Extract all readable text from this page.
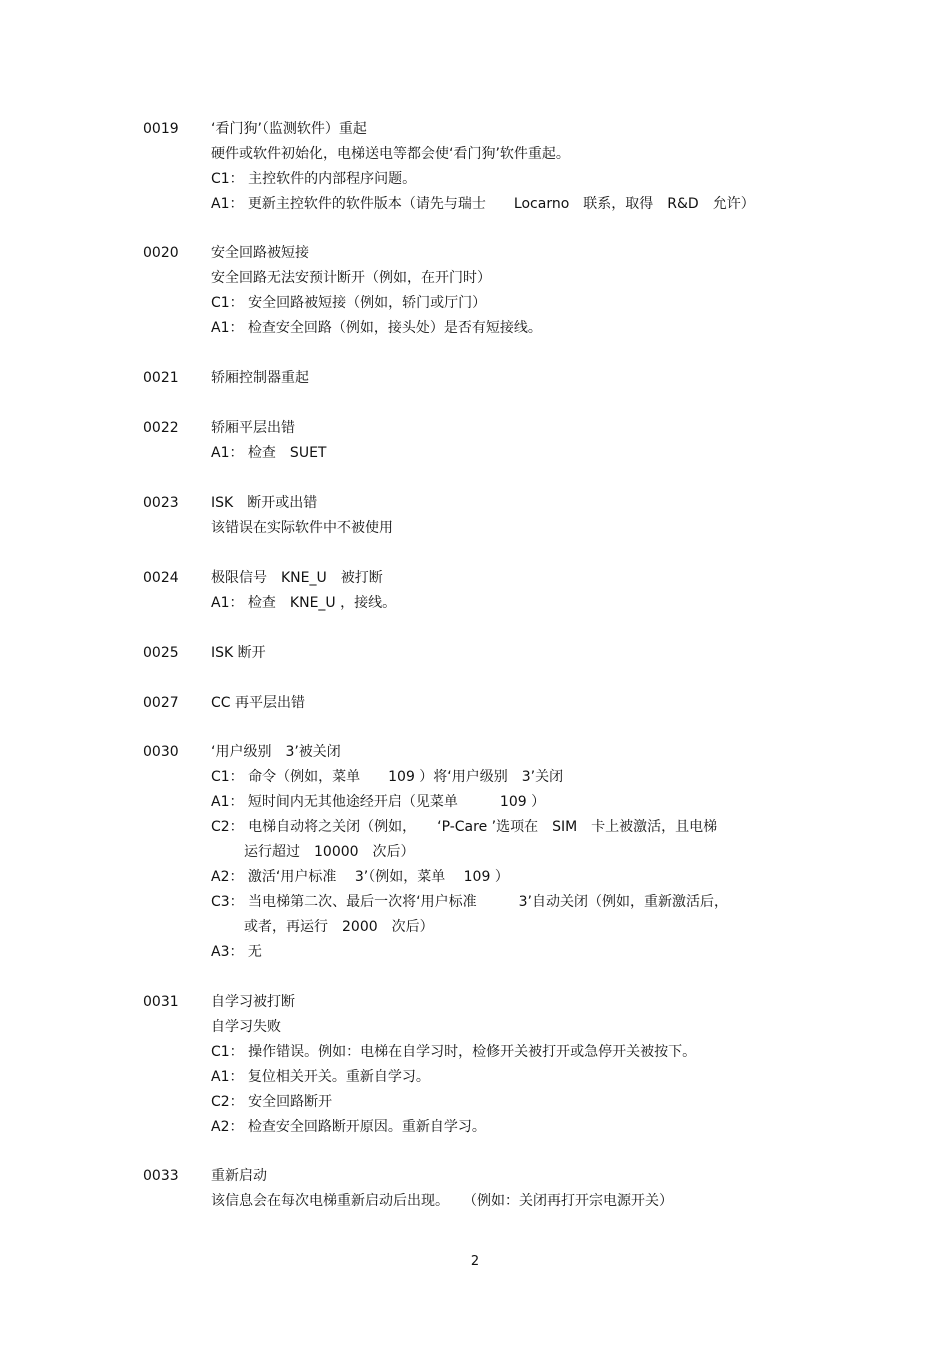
0019	‘看门狗’（监测软件）重起
硬件或软件初始化，电梯送电等都会使‘看门狗’软件重起。
C1： 主控软件的内部程序问题。
A1： 更新主控软件的软件版本（请先与瑞士　　Locarno　联系，取得　R&D　允许）
0020	安全回路被短接
安全回路无法安预计断开（例如，在开门时）
C1： 安全回路被短接（例如，轿门或厅门）
A1： 检查安全回路（例如，接头处）是否有短接线。
0021	轿厢控制器重起
0022	轿厢平层出错
A1： 检查　SUET
0023	ISK　断开或出错
该错误在实际软件中不被使用
0024	极限信号　KNE_U　被打断
A1： 检查　KNE_U ，接线。
0025	ISK 断开
0027	CC 再平层出错
0030	‘用户级别　3’被关闭
C1： 命令（例如，菜单　　109 ）将‘用户级别　3’关闭
A1： 短时间内无其他途经开启（见菜单　　　109 ）
C2： 电梯自动将之关闭（例如，　　‘P-Care ’选项在　SIM　卡上被激活，且电梯
运行超过　10000　次后）
A2： 激活‘用户标准　 3’（例如，菜单　 109 ）
C3： 当电梯第二次、最后一次将‘用户标准　　　3’自动关闭（例如，重新激活后，
或者，再运行　2000　次后）
A3： 无
0031	自学习被打断
自学习失败
C1： 操作错误。例如：电梯在自学习时，检修开关被打开或急停开关被按下。
A1： 复位相关开关。重新自学习。
C2： 安全回路断开
A2： 检查安全回路断开原因。重新自学习。
0033	重新启动
该信息会在每次电梯重新启动后出现。　　（例如：关闭再打开宗电源开关）
2
